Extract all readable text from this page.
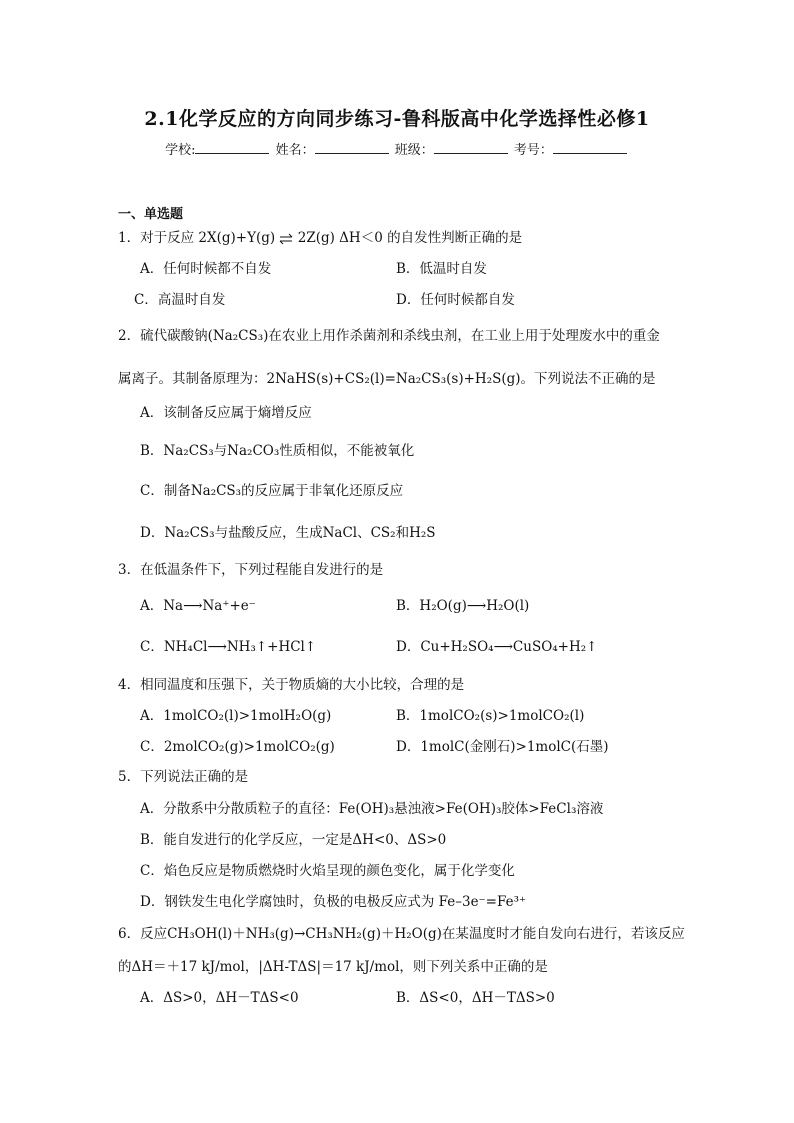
2.1化学反应的方向同步练习-鲁科版高中化学选择性必修1
学校:	姓名：	班级：	考号：
一、单选题
1．对于反应 2X(g)+Y(g) ⇌ 2Z(g) ΔH＜0 的自发性判断正确的是
A．任何时候都不自发	B．低温时自发
C．高温时自发	D．任何时候都自发
2．硫代碳酸钠(Na₂CS₃)在农业上用作杀菌剂和杀线虫剂，在工业上用于处理废水中的重金
属离子。其制备原理为：2NaHS(s)+CS₂(l)=Na₂CS₃(s)+H₂S(g)。下列说法不正确的是
A．该制备反应属于熵增反应
B．Na₂CS₃与Na₂CO₃性质相似，不能被氧化
C．制备Na₂CS₃的反应属于非氧化还原反应
D．Na₂CS₃与盐酸反应，生成NaCl、CS₂和H₂S
3．在低温条件下，下列过程能自发进行的是
A．Na⟶Na⁺+e⁻	B．H₂O(g)⟶H₂O(l)
C．NH₄Cl⟶NH₃↑+HCl↑	D．Cu+H₂SO₄⟶CuSO₄+H₂↑
4．相同温度和压强下，关于物质熵的大小比较，合理的是
A．1molCO₂(l)>1molH₂O(g)	B．1molCO₂(s)>1molCO₂(l)
C．2molCO₂(g)>1molCO₂(g)	D．1molC(金刚石)>1molC(石墨)
5．下列说法正确的是
A．分散系中分散质粒子的直径：Fe(OH)₃悬浊液>Fe(OH)₃胶体>FeCl₃溶液
B．能自发进行的化学反应，一定是ΔH<0、ΔS>0
C．焰色反应是物质燃烧时火焰呈现的颜色变化，属于化学变化
D．钢铁发生电化学腐蚀时，负极的电极反应式为 Fe–3e⁻=Fe³⁺
6．反应CH₃OH(l)＋NH₃(g)→CH₃NH₂(g)＋H₂O(g)在某温度时才能自发向右进行，若该反应
的ΔH＝＋17 kJ/mol，|ΔH-TΔS|＝17 kJ/mol，则下列关系中正确的是
A．ΔS>0，ΔH－TΔS<0	B．ΔS<0，ΔH－TΔS>0
